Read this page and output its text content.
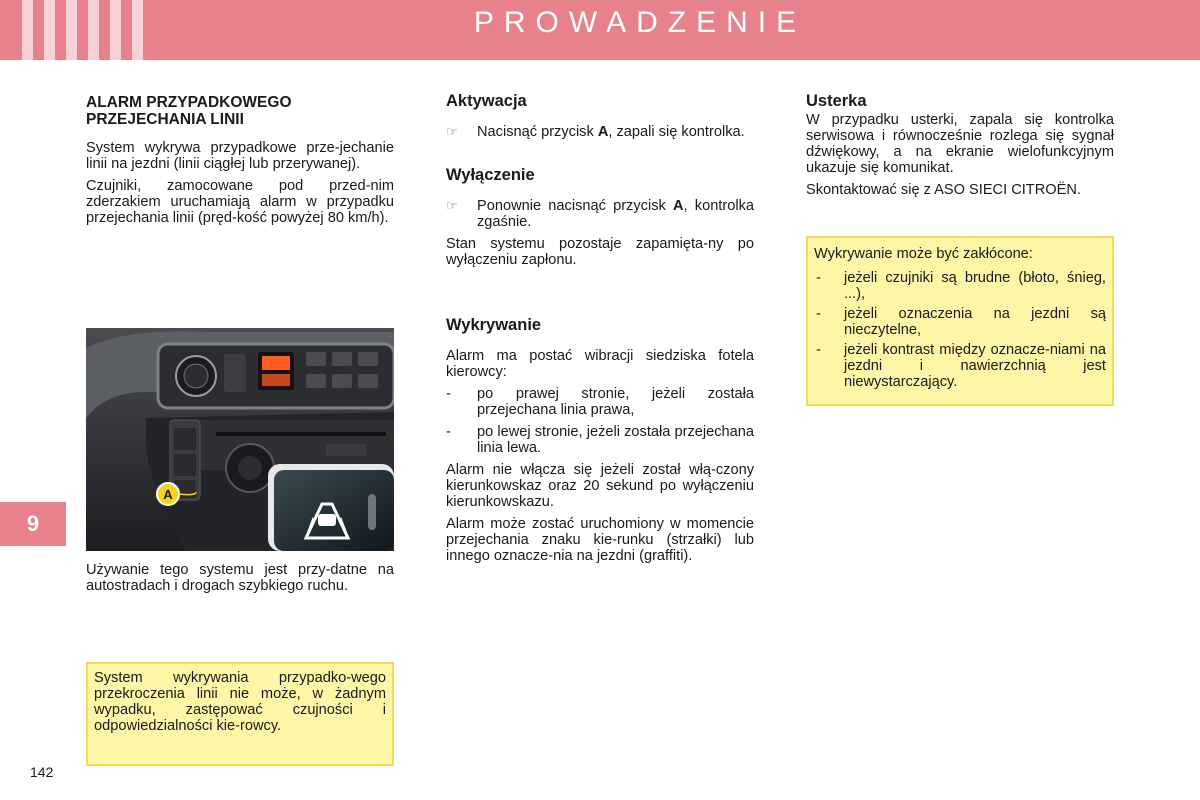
PROWADZENIE
9
142
ALARM PRZYPADKOWEGO
PRZEJECHANIA LINII

System wykrywa przypadkowe prze-jechanie linii na jezdni (linii ciągłej lub przerywanej).

Czujniki, zamocowane pod przed-nim zderzakiem uruchamiają alarm w przypadku przejechania linii (pręd-kość powyżej 80 km/h).

A

Używanie tego systemu jest przy-datne na autostradach i drogach szybkiego ruchu.

System wykrywania przypadko-wego przekroczenia linii nie może, w żadnym wypadku, zastępować czujności i odpowiedzialności kie-rowcy.

Aktywacja
☞	Nacisnąć przycisk A, zapali się kontrolka.
Wyłączenie
☞	Ponownie nacisnąć przycisk A, kontrolka zgaśnie.

Stan systemu pozostaje zapamięta-ny po wyłączeniu zapłonu.

Wykrywanie

Alarm ma postać wibracji siedziska fotela kierowcy:

-	po prawej stronie, jeżeli została przejechana linia prawa,
-	po lewej stronie, jeżeli została przejechana linia lewa.

Alarm nie włącza się jeżeli został włą-czony kierunkowskaz oraz 20 sekund po wyłączeniu kierunkowskazu.

Alarm może zostać uruchomiony w momencie przejechania znaku kie-runku (strzałki) lub innego oznacze-nia na jezdni (graffiti).

Usterka

W przypadku usterki, zapala się kontrolka serwisowa i równocześnie rozlega się sygnał dźwiękowy, a na ekranie wielofunkcyjnym ukazuje się komunikat.

Skontaktować się z ASO SIECI CITROËN.

Wykrywanie może być zakłócone:

-	jeżeli czujniki są brudne (błoto, śnieg, ...),
-	jeżeli oznaczenia na jezdni są nieczytelne,
-	jeżeli kontrast między oznacze-niami na jezdni i nawierzchnią jest niewystarczający.
